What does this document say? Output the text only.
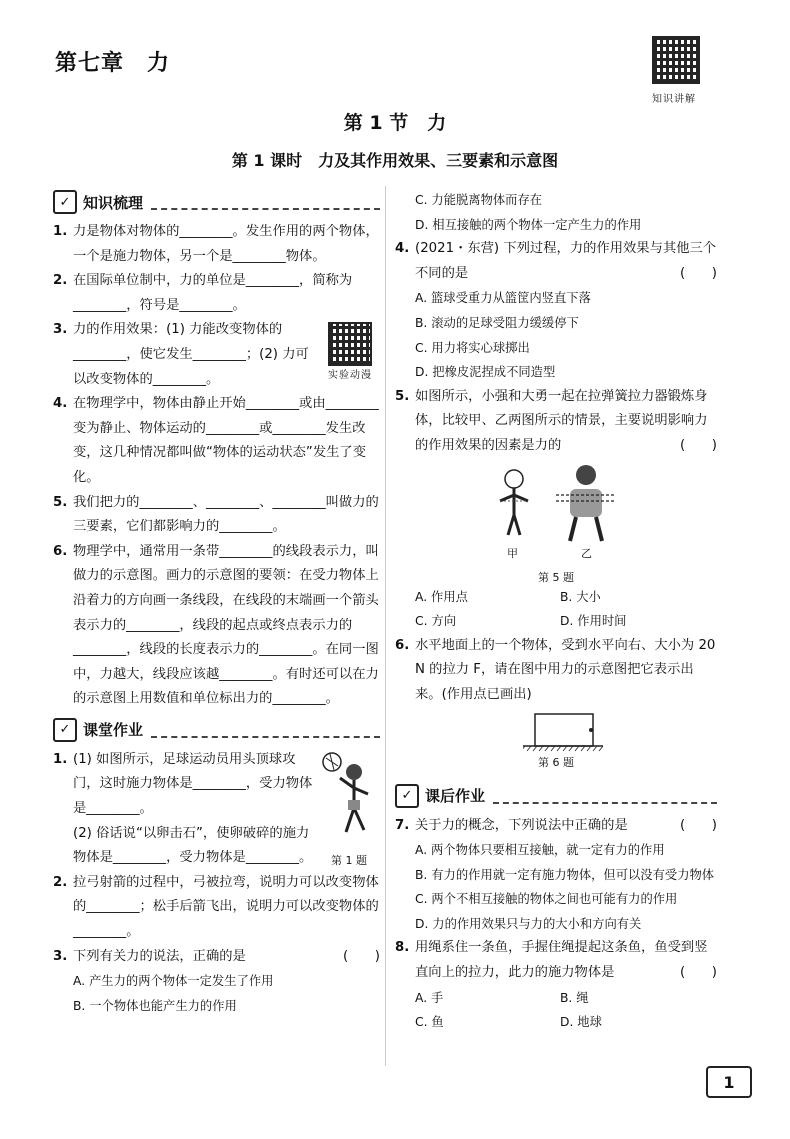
第七章　力
知识讲解
第 1 节　力
第 1 课时　力及其作用效果、三要素和示意图
✓ 知识梳理
1. 力是物体对物体的________。发生作用的两个物体，一个是施力物体，另一个是________物体。
2. 在国际单位制中，力的单位是________，简称为________，符号是________。
3. 力的作用效果：(1) 力能改变物体的________，使它发生________；(2) 力可以改变物体的________。	实验动漫
4. 在物理学中，物体由静止开始________或由________变为静止、物体运动的________或________发生改变，这几种情况都叫做“物体的运动状态”发生了变化。
5. 我们把力的________、________、________叫做力的三要素，它们都影响力的________。
6. 物理学中，通常用一条带________的线段表示力，叫做力的示意图。画力的示意图的要领：在受力物体上沿着力的方向画一条线段，在线段的末端画一个箭头表示力的________，线段的起点或终点表示力的________，线段的长度表示力的________。在同一图中，力越大，线段应该越________。有时还可以在力的示意图上用数值和单位标出力的________。
✓ 课堂作业
1. (1) 如图所示，足球运动员用头顶球攻门，这时施力物体是________，受力物体是________。
(2) 俗话说“以卵击石”，使卵破碎的施力物体是________，受力物体是________。	第 1 题
2. 拉弓射箭的过程中，弓被拉弯，说明力可以改变物体的________；松手后箭飞出，说明力可以改变物体的________。
3. 下列有关力的说法，正确的是	(　　)
A. 产生力的两个物体一定发生了作用
B. 一个物体也能产生力的作用
C. 力能脱离物体而存在
D. 相互接触的两个物体一定产生力的作用
4. (2021・东营) 下列过程，力的作用效果与其他三个不同的是	(　　)
A. 篮球受重力从篮筐内竖直下落
B. 滚动的足球受阻力缓缓停下
C. 用力将实心球掷出
D. 把橡皮泥捏成不同造型
5. 如图所示，小强和大勇一起在拉弹簧拉力器锻炼身体，比较甲、乙两图所示的情景，主要说明影响力的作用效果的因素是力的	(　　)
甲	乙
第 5 题
A. 作用点	B. 大小
C. 方向	D. 作用时间
6. 水平地面上的一个物体，受到水平向右、大小为 20 N 的拉力 F，请在图中用力的示意图把它表示出来。(作用点已画出)
第 6 题
✓ 课后作业
7. 关于力的概念，下列说法中正确的是	(　　)
A. 两个物体只要相互接触，就一定有力的作用
B. 有力的作用就一定有施力物体，但可以没有受力物体
C. 两个不相互接触的物体之间也可能有力的作用
D. 力的作用效果只与力的大小和方向有关
8. 用绳系住一条鱼，手握住绳提起这条鱼，鱼受到竖直向上的拉力，此力的施力物体是	(　　)
A. 手	B. 绳
C. 鱼	D. 地球
1
